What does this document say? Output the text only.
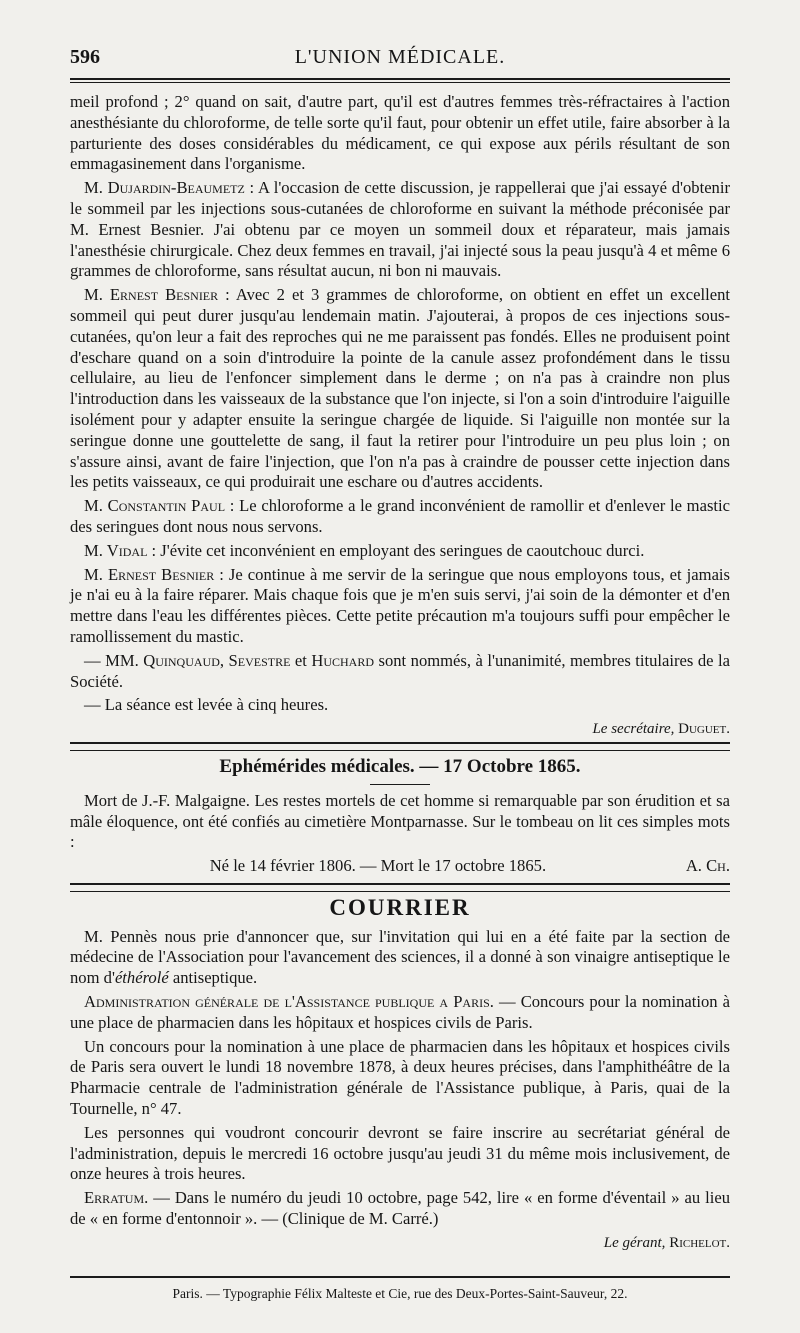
596	L'UNION MÉDICALE.

meil profond ; 2° quand on sait, d'autre part, qu'il est d'autres femmes très-réfractaires à l'action anesthésiante du chloroforme, de telle sorte qu'il faut, pour obtenir un effet utile, faire absorber à la parturiente des doses considérables du médicament, ce qui expose aux périls résultant de son emmagasinement dans l'organisme.

M. Dujardin-Beaumetz : A l'occasion de cette discussion, je rappellerai que j'ai essayé d'obtenir le sommeil par les injections sous-cutanées de chloroforme en suivant la méthode préconisée par M. Ernest Besnier. J'ai obtenu par ce moyen un sommeil doux et réparateur, mais jamais l'anesthésie chirurgicale. Chez deux femmes en travail, j'ai injecté sous la peau jusqu'à 4 et même 6 grammes de chloroforme, sans résultat aucun, ni bon ni mauvais.

M. Ernest Besnier : Avec 2 et 3 grammes de chloroforme, on obtient en effet un excellent sommeil qui peut durer jusqu'au lendemain matin. J'ajouterai, à propos de ces injections sous-cutanées, qu'on leur a fait des reproches qui ne me paraissent pas fondés. Elles ne produisent point d'eschare quand on a soin d'introduire la pointe de la canule assez profondément dans le tissu cellulaire, au lieu de l'enfoncer simplement dans le derme ; on n'a pas à craindre non plus l'introduction dans les vaisseaux de la substance que l'on injecte, si l'on a soin d'introduire l'aiguille isolément pour y adapter ensuite la seringue chargée de liquide. Si l'aiguille non montée sur la seringue donne une gouttelette de sang, il faut la retirer pour l'introduire un peu plus loin ; on s'assure ainsi, avant de faire l'injection, que l'on n'a pas à craindre de pousser cette injection dans les petits vaisseaux, ce qui produirait une eschare ou d'autres accidents.

M. Constantin Paul : Le chloroforme a le grand inconvénient de ramollir et d'enlever le mastic des seringues dont nous nous servons.

M. Vidal : J'évite cet inconvénient en employant des seringues de caoutchouc durci.

M. Ernest Besnier : Je continue à me servir de la seringue que nous employons tous, et jamais je n'ai eu à la faire réparer. Mais chaque fois que je m'en suis servi, j'ai soin de la démonter et d'en mettre dans l'eau les différentes pièces. Cette petite précaution m'a toujours suffi pour empêcher le ramollissement du mastic.

— MM. Quinquaud, Sevestre et Huchard sont nommés, à l'unanimité, membres titulaires de la Société.

— La séance est levée à cinq heures.

Le secrétaire, Duguet.

Ephémérides médicales. — 17 Octobre 1865.

Mort de J.-F. Malgaigne. Les restes mortels de cet homme si remarquable par son érudition et sa mâle éloquence, ont été confiés au cimetière Montparnasse. Sur le tombeau on lit ces simples mots :

Né le 14 février 1806. — Mort le 17 octobre 1865.	A. Ch.
COURRIER

M. Pennès nous prie d'annoncer que, sur l'invitation qui lui en a été faite par la section de médecine de l'Association pour l'avancement des sciences, il a donné à son vinaigre antiseptique le nom d'éthérolé antiseptique.

Administration générale de l'Assistance publique a Paris. — Concours pour la nomination à une place de pharmacien dans les hôpitaux et hospices civils de Paris.

Un concours pour la nomination à une place de pharmacien dans les hôpitaux et hospices civils de Paris sera ouvert le lundi 18 novembre 1878, à deux heures précises, dans l'amphithéâtre de la Pharmacie centrale de l'administration générale de l'Assistance publique, à Paris, quai de la Tournelle, n° 47.

Les personnes qui voudront concourir devront se faire inscrire au secrétariat général de l'administration, depuis le mercredi 16 octobre jusqu'au jeudi 31 du même mois inclusivement, de onze heures à trois heures.

Erratum. — Dans le numéro du jeudi 10 octobre, page 542, lire « en forme d'éventail » au lieu de « en forme d'entonnoir ». — (Clinique de M. Carré.)

Le gérant, Richelot.

Paris. — Typographie Félix Malteste et Cie, rue des Deux-Portes-Saint-Sauveur, 22.
